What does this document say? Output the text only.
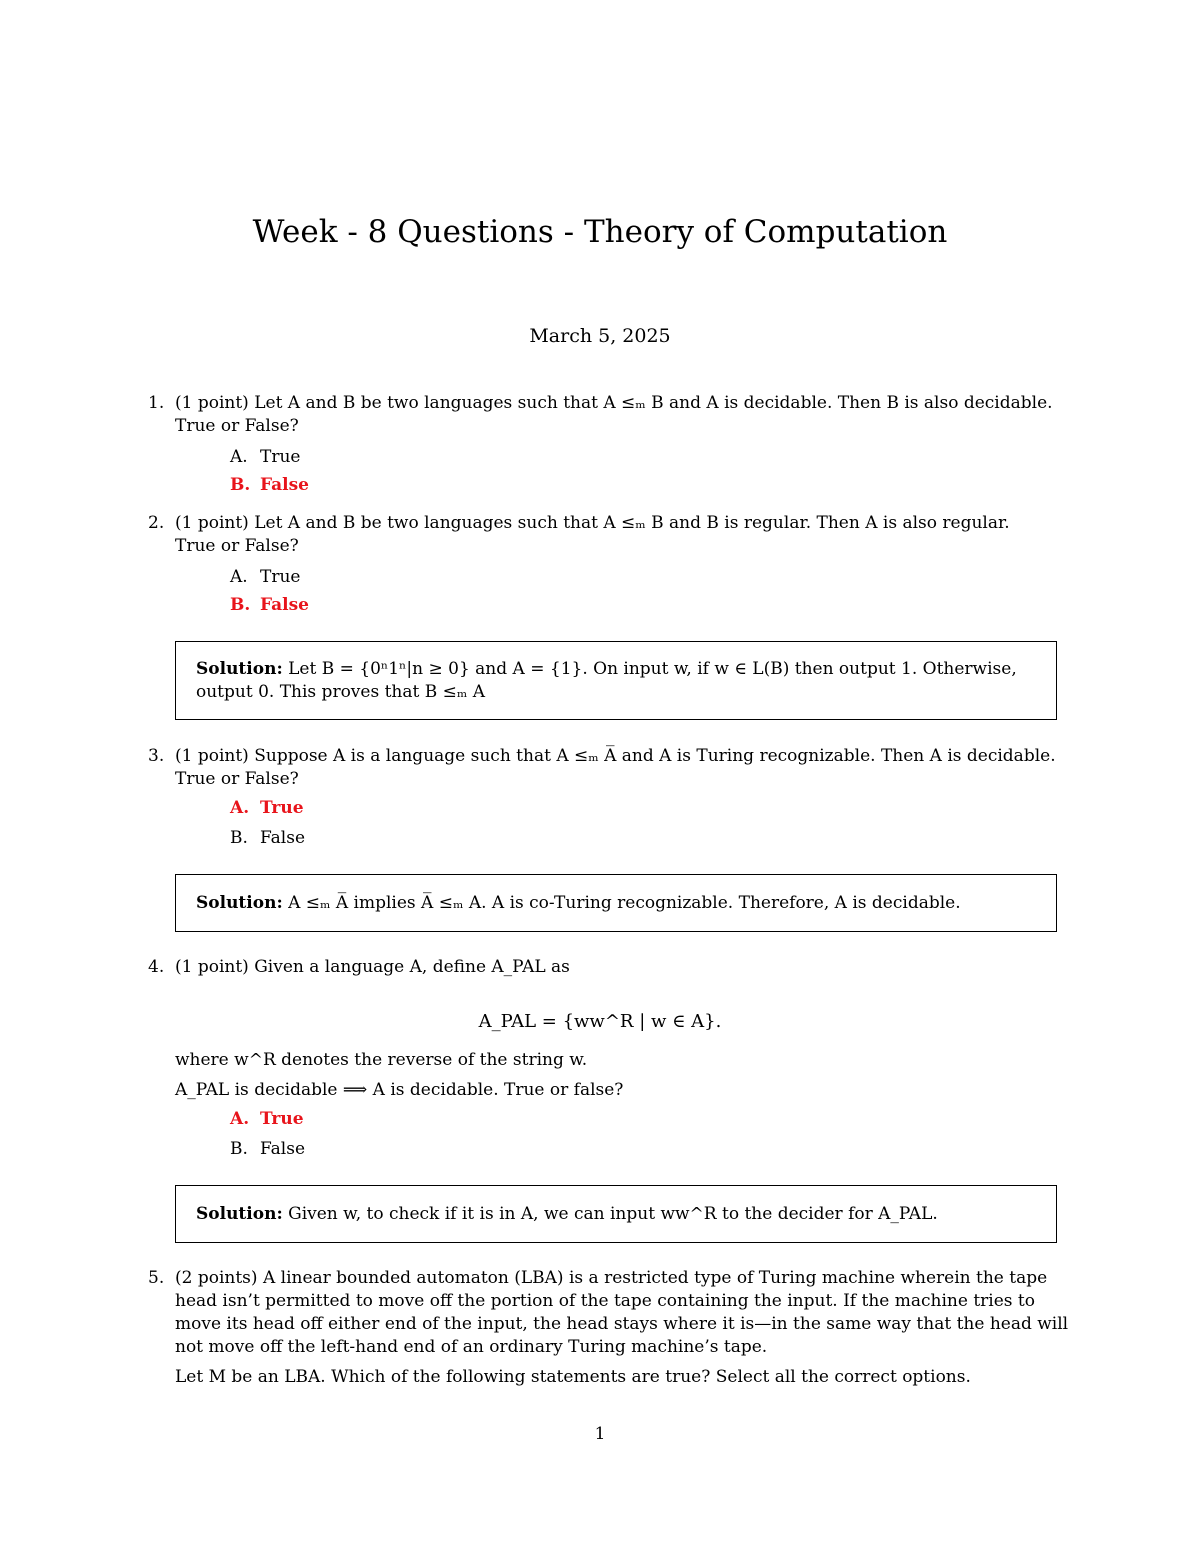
Week - 8 Questions - Theory of Computation
March 5, 2025
1. (1 point) Let A and B be two languages such that A ≤ₘ B and A is decidable. Then B is also decidable.
True or False?
A. True
B. False
2. (1 point) Let A and B be two languages such that A ≤ₘ B and B is regular. Then A is also regular.
True or False?
A. True
B. False
Solution: Let B = {0ⁿ1ⁿ|n ≥ 0} and A = {1}. On input w, if w ∈ L(B) then output 1. Otherwise,
output 0. This proves that B ≤ₘ A
3. (1 point) Suppose A is a language such that A ≤ₘ A̅ and A is Turing recognizable. Then A is decidable.
True or False?
A. True
B. False
Solution: A ≤ₘ A̅ implies A̅ ≤ₘ A. A is co-Turing recognizable. Therefore, A is decidable.
4. (1 point) Given a language A, define A_PAL as
A_PAL = {ww^R | w ∈ A}.
where w^R denotes the reverse of the string w.
A_PAL is decidable ⟹ A is decidable. True or false?
A. True
B. False
Solution: Given w, to check if it is in A, we can input ww^R to the decider for A_PAL.
5. (2 points) A linear bounded automaton (LBA) is a restricted type of Turing machine wherein the tape
head isn’t permitted to move off the portion of the tape containing the input. If the machine tries to
move its head off either end of the input, the head stays where it is—in the same way that the head will
not move off the left-hand end of an ordinary Turing machine’s tape.
Let M be an LBA. Which of the following statements are true? Select all the correct options.
1
